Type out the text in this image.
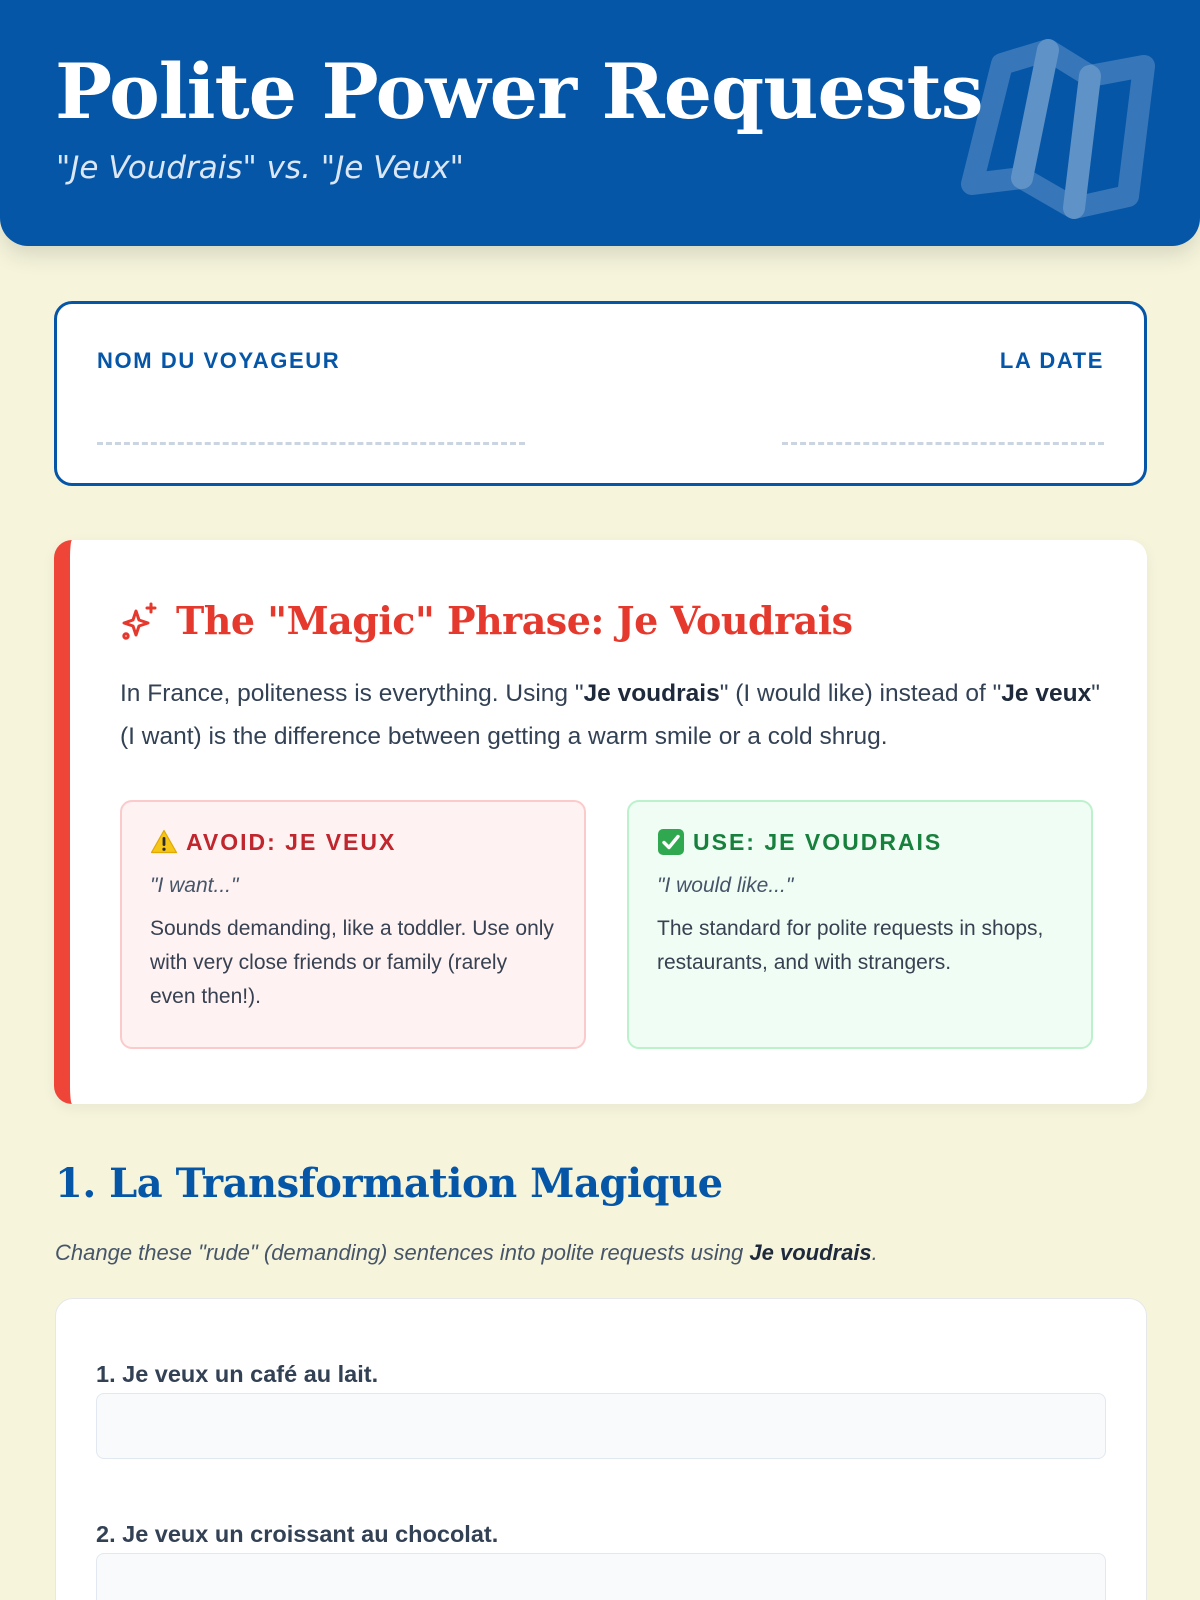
Polite Power Requests
"Je Voudrais" vs. "Je Veux"
NOM DU VOYAGEUR	LA DATE
The "Magic" Phrase: Je Voudrais

In France, politeness is everything. Using "Je voudrais" (I would like) instead of "Je veux" (I want) is the difference between getting a warm smile or a cold shrug.

AVOID: JE VEUX
"I want..."
Sounds demanding, like a toddler. Use only with very close friends or family (rarely even then!).
USE: JE VOUDRAIS
"I would like..."
The standard for polite requests in shops, restaurants, and with strangers.
1. La Transformation Magique

Change these "rude" (demanding) sentences into polite requests using Je voudrais.

1. Je veux un café au lait.
2. Je veux un croissant au chocolat.
